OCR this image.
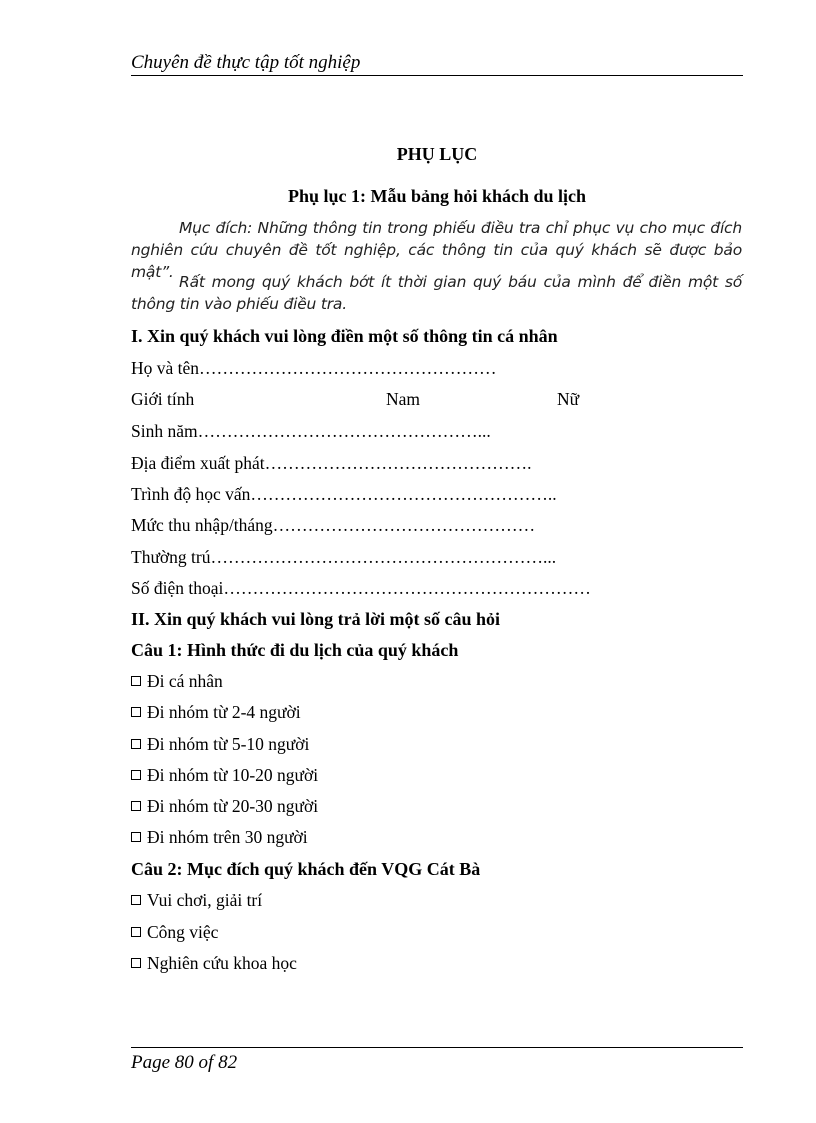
Chuyên đề thực tập tốt nghiệp
PHỤ LỤC
Phụ lục 1: Mẫu bảng hỏi khách du lịch
Mục đích: Những thông tin trong phiếu điều tra chỉ phục vụ cho mục đích nghiên cứu chuyên đề tốt nghiệp, các thông tin của quý khách sẽ được bảo mật”.
Rất mong quý khách bớt ít thời gian quý báu của mình để điền một số thông tin vào phiếu điều tra.
I. Xin quý khách vui lòng điền một số thông tin cá nhân
Họ và tên……………………………………………
Giới tính	Nam	Nữ
Sinh năm…………………………………………...
Địa điểm xuất phát……………………………………….
Trình độ học vấn……………………………………………..
Mức thu nhập/tháng………………………………………
Thường trú…………………………………………………...
Số điện thoại………………………………………………………
II. Xin quý khách vui lòng trả lời một số câu hỏi
Câu 1: Hình thức đi du lịch của quý khách
Đi cá nhân
Đi nhóm từ 2-4 người
Đi nhóm từ 5-10 người
Đi nhóm từ 10-20 người
Đi nhóm từ 20-30 người
Đi nhóm trên 30 người
Câu 2: Mục đích quý khách đến VQG Cát Bà
Vui chơi, giải trí
Công việc
Nghiên cứu khoa học
Page 80 of 82
